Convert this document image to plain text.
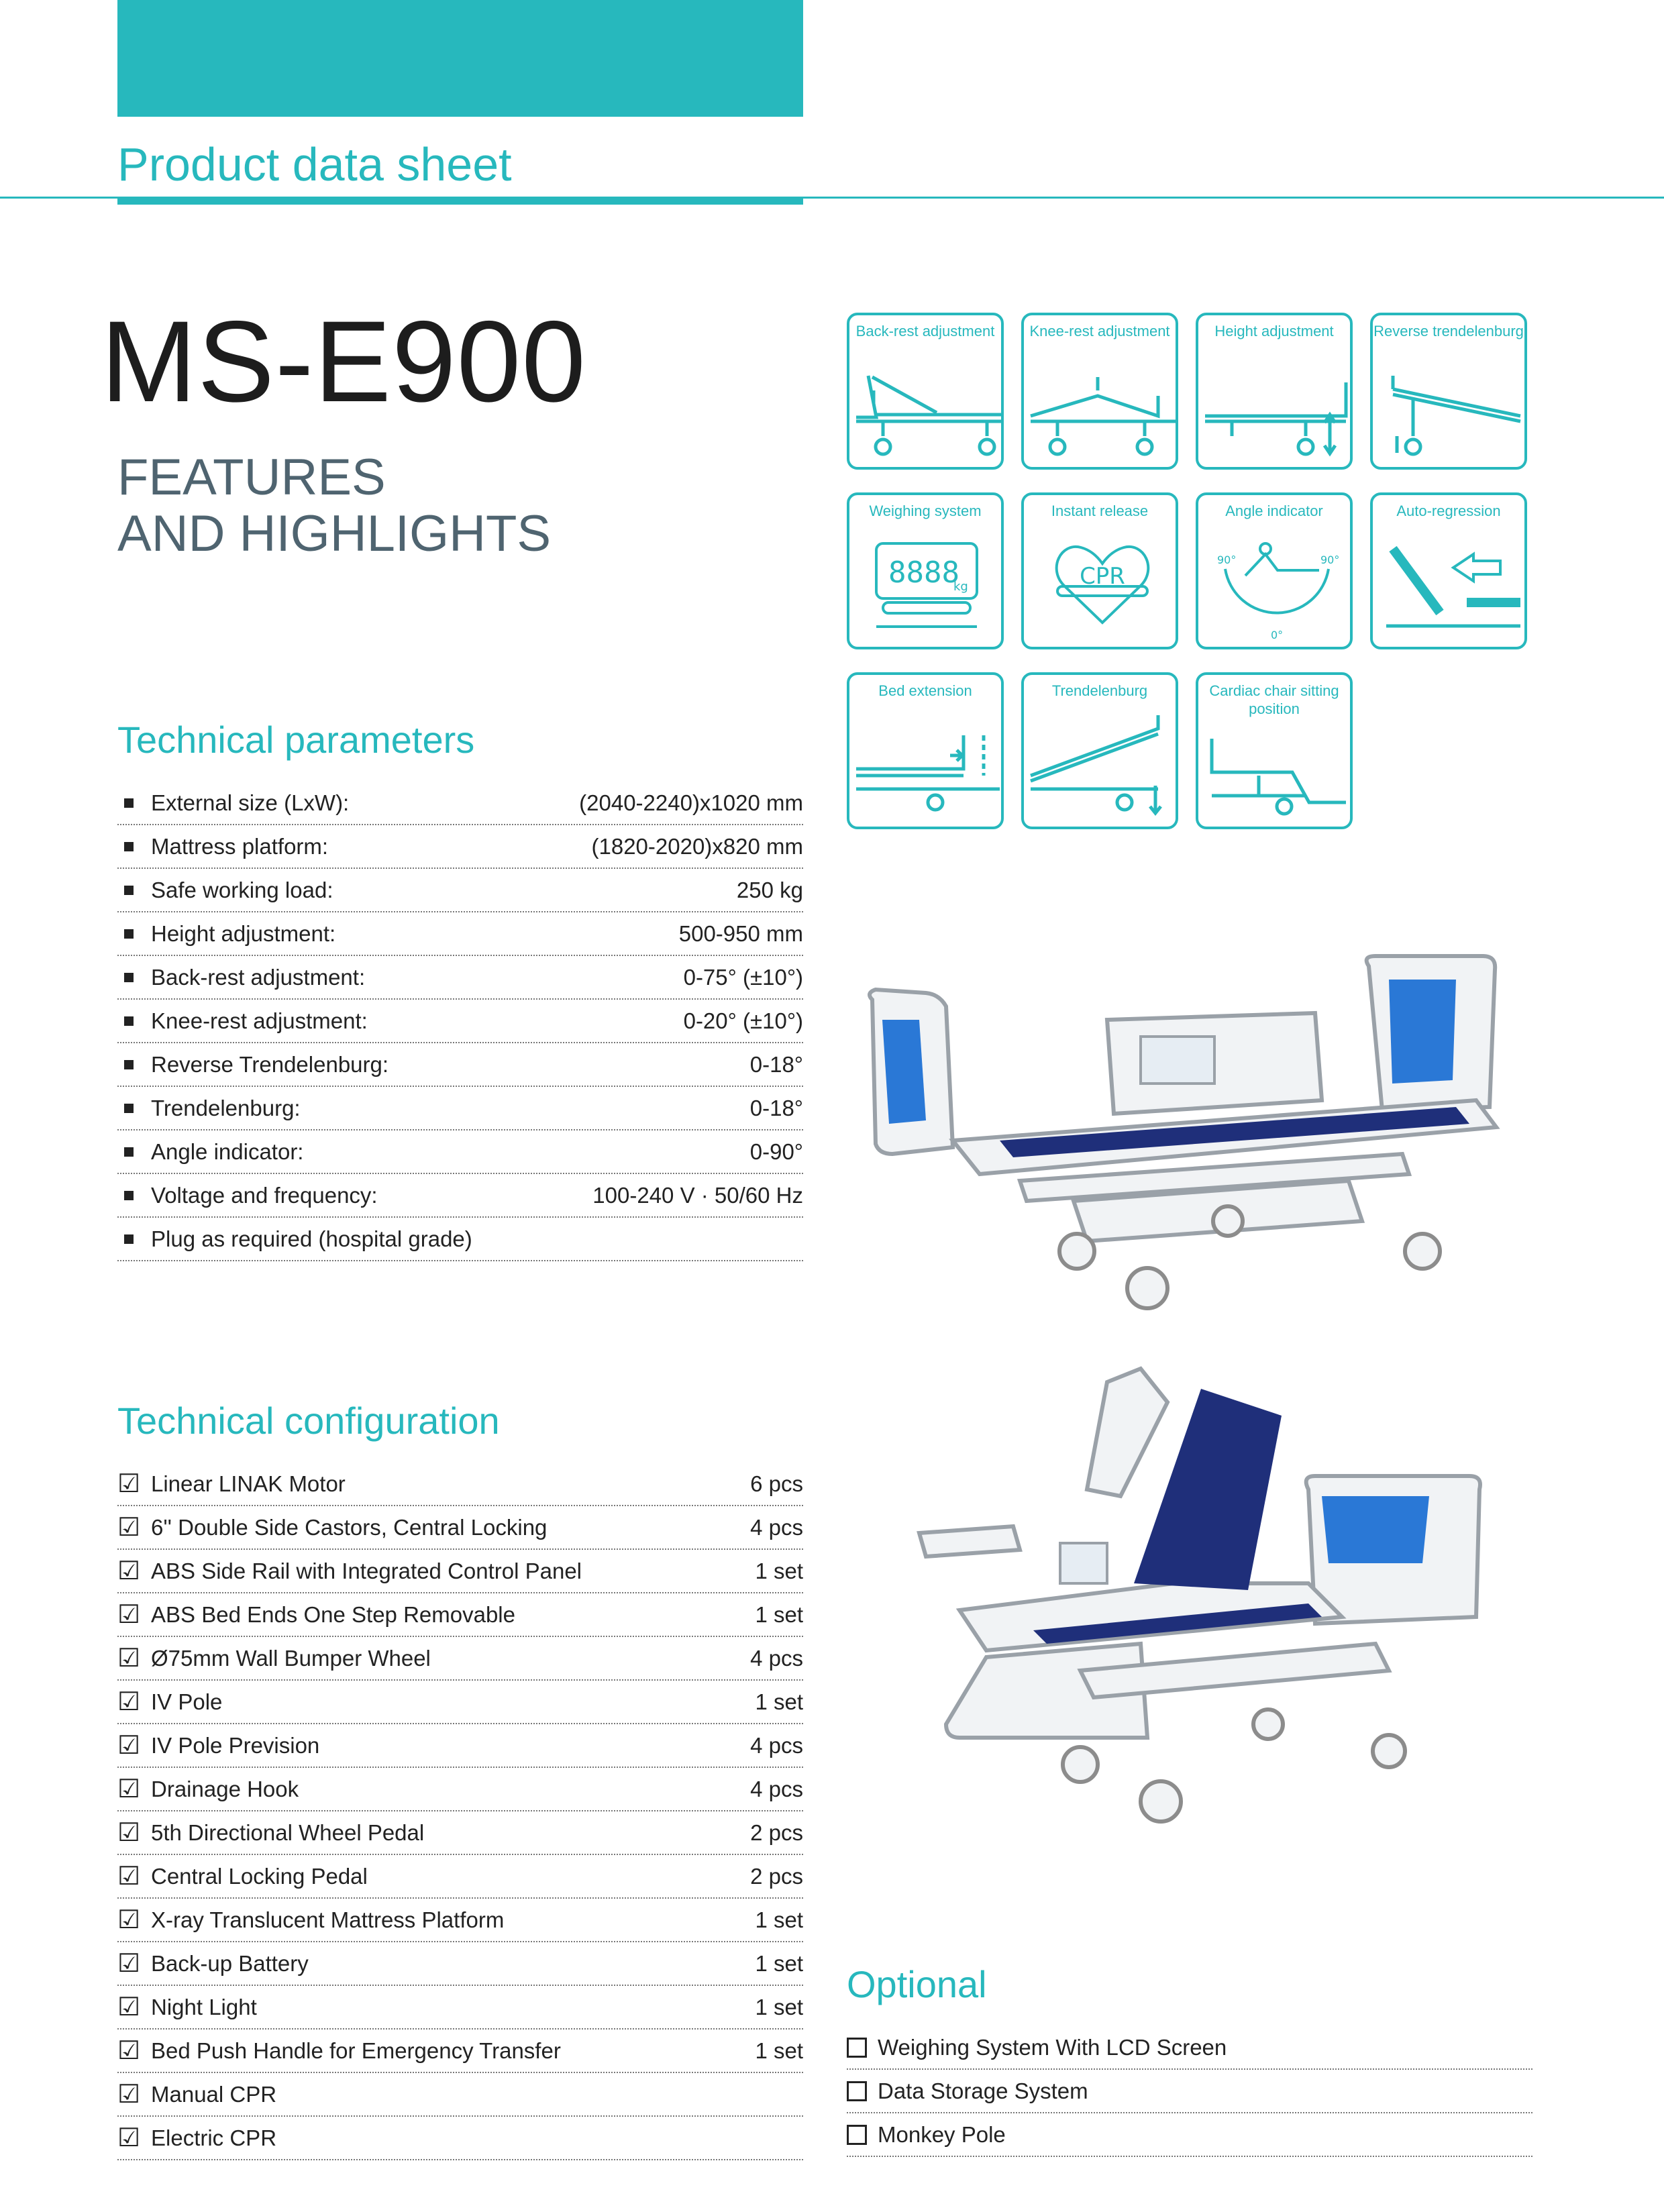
Product data sheet
MS-E900
FEATURES
AND HIGHLIGHTS
Back-rest adjustment	Knee-rest adjustment	Height adjustment	Reverse trendelenburg
Weighing system
8888
kg
Instant release
CPR
Angle indicator
90°	90°
0°
Auto-regression
Bed extension	Trendelenburg	Cardiac chair sitting position
Technical parameters
External size (LxW):	(2040-2240)x1020 mm
Mattress platform:	(1820-2020)x820 mm
Safe working load:	250 kg
Height adjustment:	500-950 mm
Back-rest adjustment:	0-75° (±10°)
Knee-rest adjustment:	0-20° (±10°)
Reverse Trendelenburg:	0-18°
Trendelenburg:	0-18°
Angle indicator:	0-90°
Voltage and frequency:	100-240 V · 50/60 Hz
Plug as required (hospital grade)
Technical configuration
☑ Linear LINAK Motor	6 pcs
☑ 6'' Double Side Castors, Central Locking	4 pcs
☑ ABS Side Rail with Integrated Control Panel	1 set
☑ ABS Bed Ends One Step Removable	1 set
☑ Ø75mm Wall Bumper Wheel	4 pcs
☑ IV Pole	1 set
☑ IV Pole Prevision	4 pcs
☑ Drainage Hook	4 pcs
☑ 5th Directional Wheel Pedal	2 pcs
☑ Central Locking Pedal	2 pcs
☑ X-ray Translucent Mattress Platform	1 set
☑ Back-up Battery	1 set
☑ Night Light	1 set
☑ Bed Push Handle for Emergency Transfer	1 set
☑ Manual CPR
☑ Electric CPR
Optional
Weighing System With LCD Screen
Data Storage System
Monkey Pole
